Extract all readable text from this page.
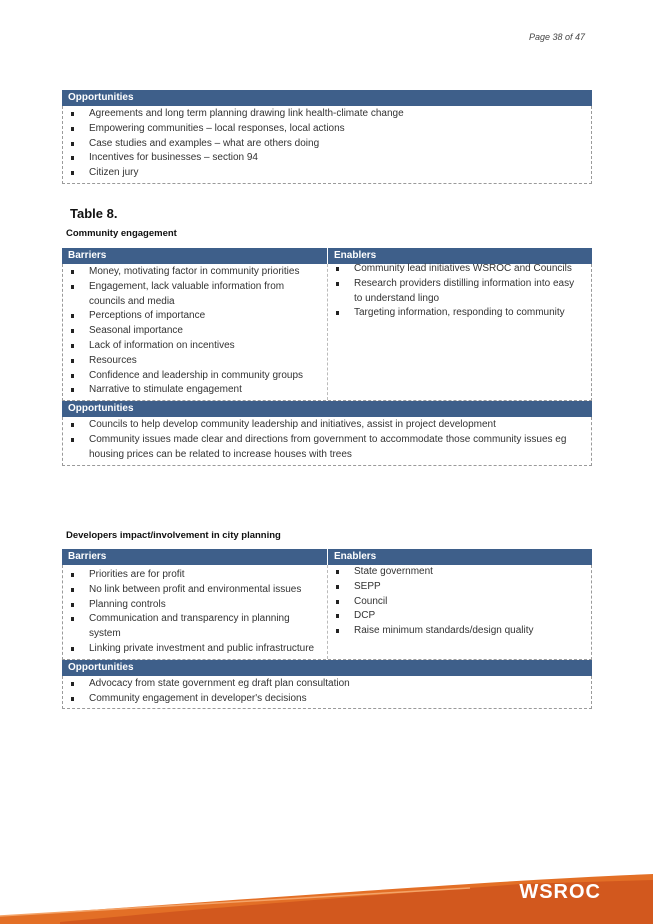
Page 38 of 47
Opportunities
Agreements and long term planning drawing link health-climate change
Empowering communities – local responses, local actions
Case studies and examples – what are others doing
Incentives for businesses – section 94
Citizen jury
Table 8.
Community engagement
Barriers	Enablers
Money, motivating factor in community priorities
Engagement, lack valuable information from councils and media
Perceptions of importance
Seasonal importance
Lack of information on incentives
Resources
Confidence and leadership in community groups
Narrative to stimulate engagement
Community lead initiatives WSROC and Councils
Research providers distilling information into easy to understand lingo
Targeting information, responding to community
Opportunities
Councils to help develop community leadership and initiatives, assist in project development
Community issues made clear and directions from government to accommodate those community issues eg housing prices can be related to increase houses with trees
Developers impact/involvement in city planning
Barriers	Enablers
Priorities are for profit
No link between profit and environmental issues
Planning controls
Communication and transparency in planning system
Linking private investment and public infrastructure
State government
SEPP
Council
DCP
Raise minimum standards/design quality
Opportunities
Advocacy from state government eg draft plan consultation
Community engagement in developer's decisions
WSROC
